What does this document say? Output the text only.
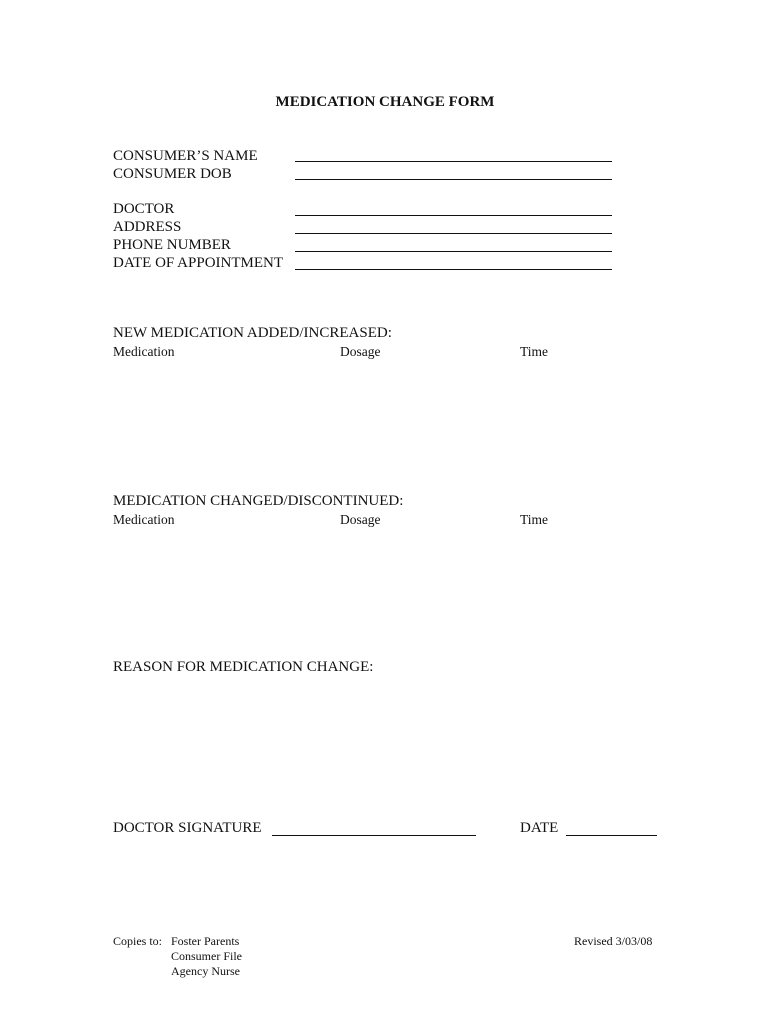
MEDICATION CHANGE FORM
CONSUMER’S NAME
CONSUMER DOB
DOCTOR
ADDRESS
PHONE NUMBER
DATE OF APPOINTMENT
NEW MEDICATION ADDED/INCREASED:
Medication	Dosage	Time
MEDICATION CHANGED/DISCONTINUED:
Medication	Dosage	Time
REASON FOR MEDICATION CHANGE:
DOCTOR SIGNATURE	DATE
Copies to: Foster Parents
Consumer File
Agency Nurse
Revised 3/03/08
